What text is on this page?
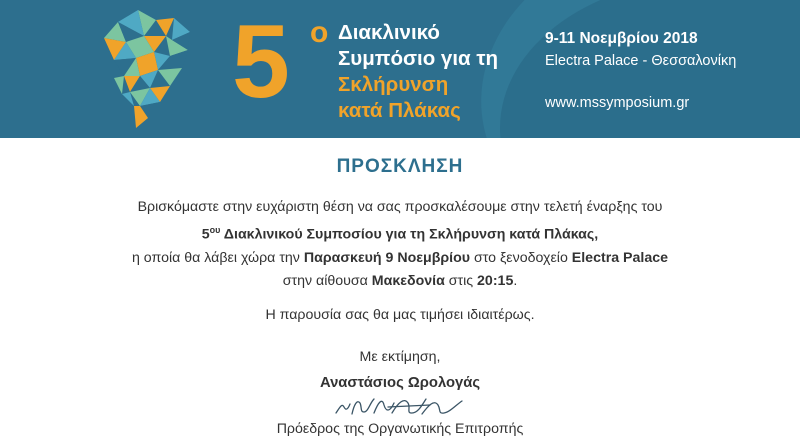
5 ο Διακλινικό
Συμπόσιο για τη
Σκλήρυνση
κατά Πλάκας
9-11 Νοεμβρίου 2018
Electra Palace - Θεσσαλονίκη
www.mssymposium.gr
ΠΡΟΣΚΛΗΣΗ
Βρισκόμαστε στην ευχάριστη θέση να σας προσκαλέσουμε στην τελετή έναρξης του
$5^{o\upsilon}$ Διακλινικού Συμποσίου για τη Σκλήρυνση κατά Πλάκας,
η οποία θα λάβει χώρα την Παρασκευή 9 Νοεμβρίου στο ξενοδοχείο Electra Palace
στην αίθουσα Μακεδονία στις 20:15.
Η παρουσία σας θα μας τιμήσει ιδιαιτέρως.
Με εκτίμηση,
Αναστάσιος Ωρολογάς
Πρόεδρος της Οργανωτικής Επιτροπής
